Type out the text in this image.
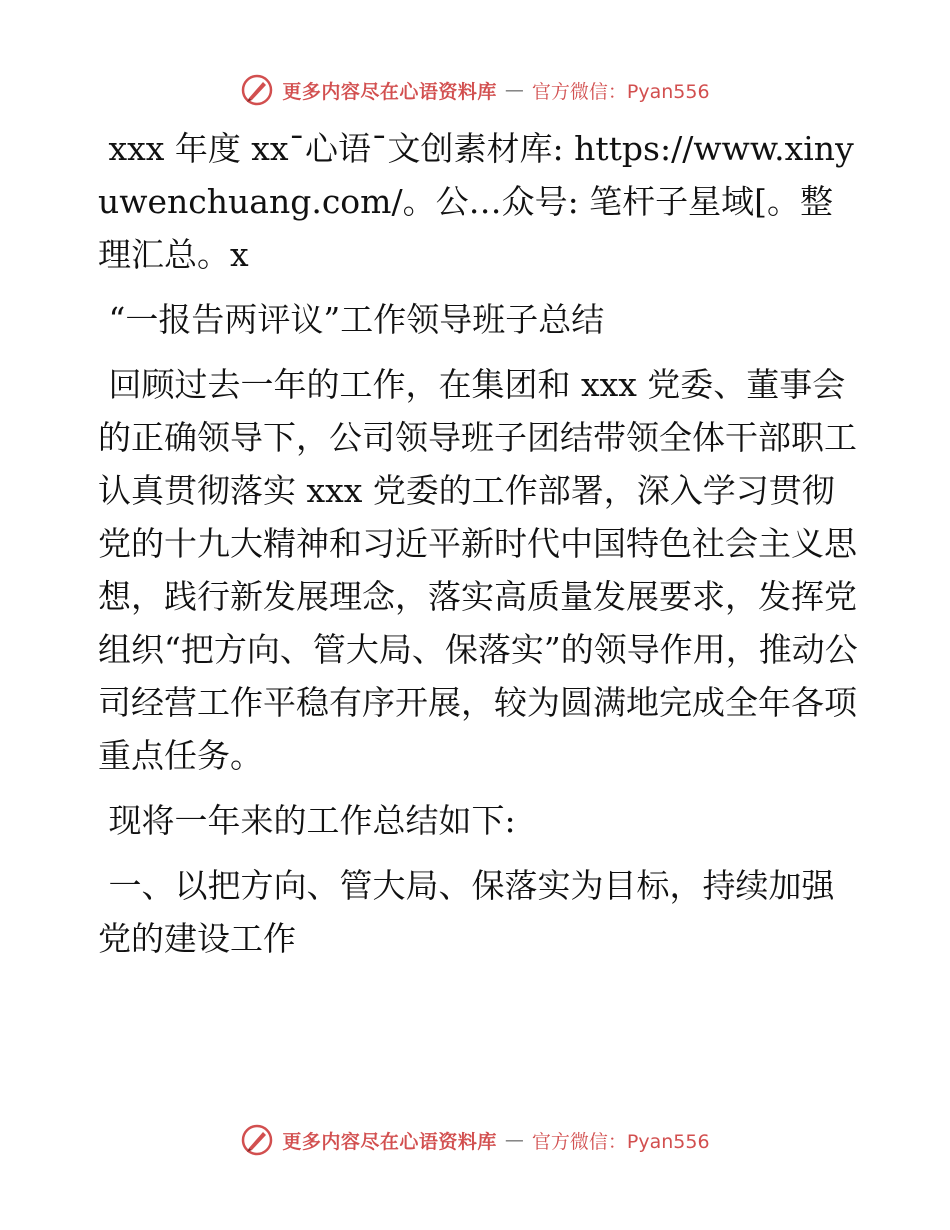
更多内容尽在心语资料库 — 官方微信：Pyan556

xxx 年度 xx¯心语¯文创素材库: https://www.xinyuwenchuang.com/。公…众号: 笔杆子星域[。整理汇总。x

“一报告两评议”工作领导班子总结

回顾过去一年的工作，在集团和 xxx 党委、董事会的正确领导下，公司领导班子团结带领全体干部职工认真贯彻落实 xxx 党委的工作部署，深入学习贯彻党的十九大精神和习近平新时代中国特色社会主义思想，践行新发展理念，落实高质量发展要求，发挥党组织“把方向、管大局、保落实”的领导作用，推动公司经营工作平稳有序开展，较为圆满地完成全年各项重点任务。

现将一年来的工作总结如下:

一、以把方向、管大局、保落实为目标，持续加强党的建设工作

更多内容尽在心语资料库 — 官方微信：Pyan556
